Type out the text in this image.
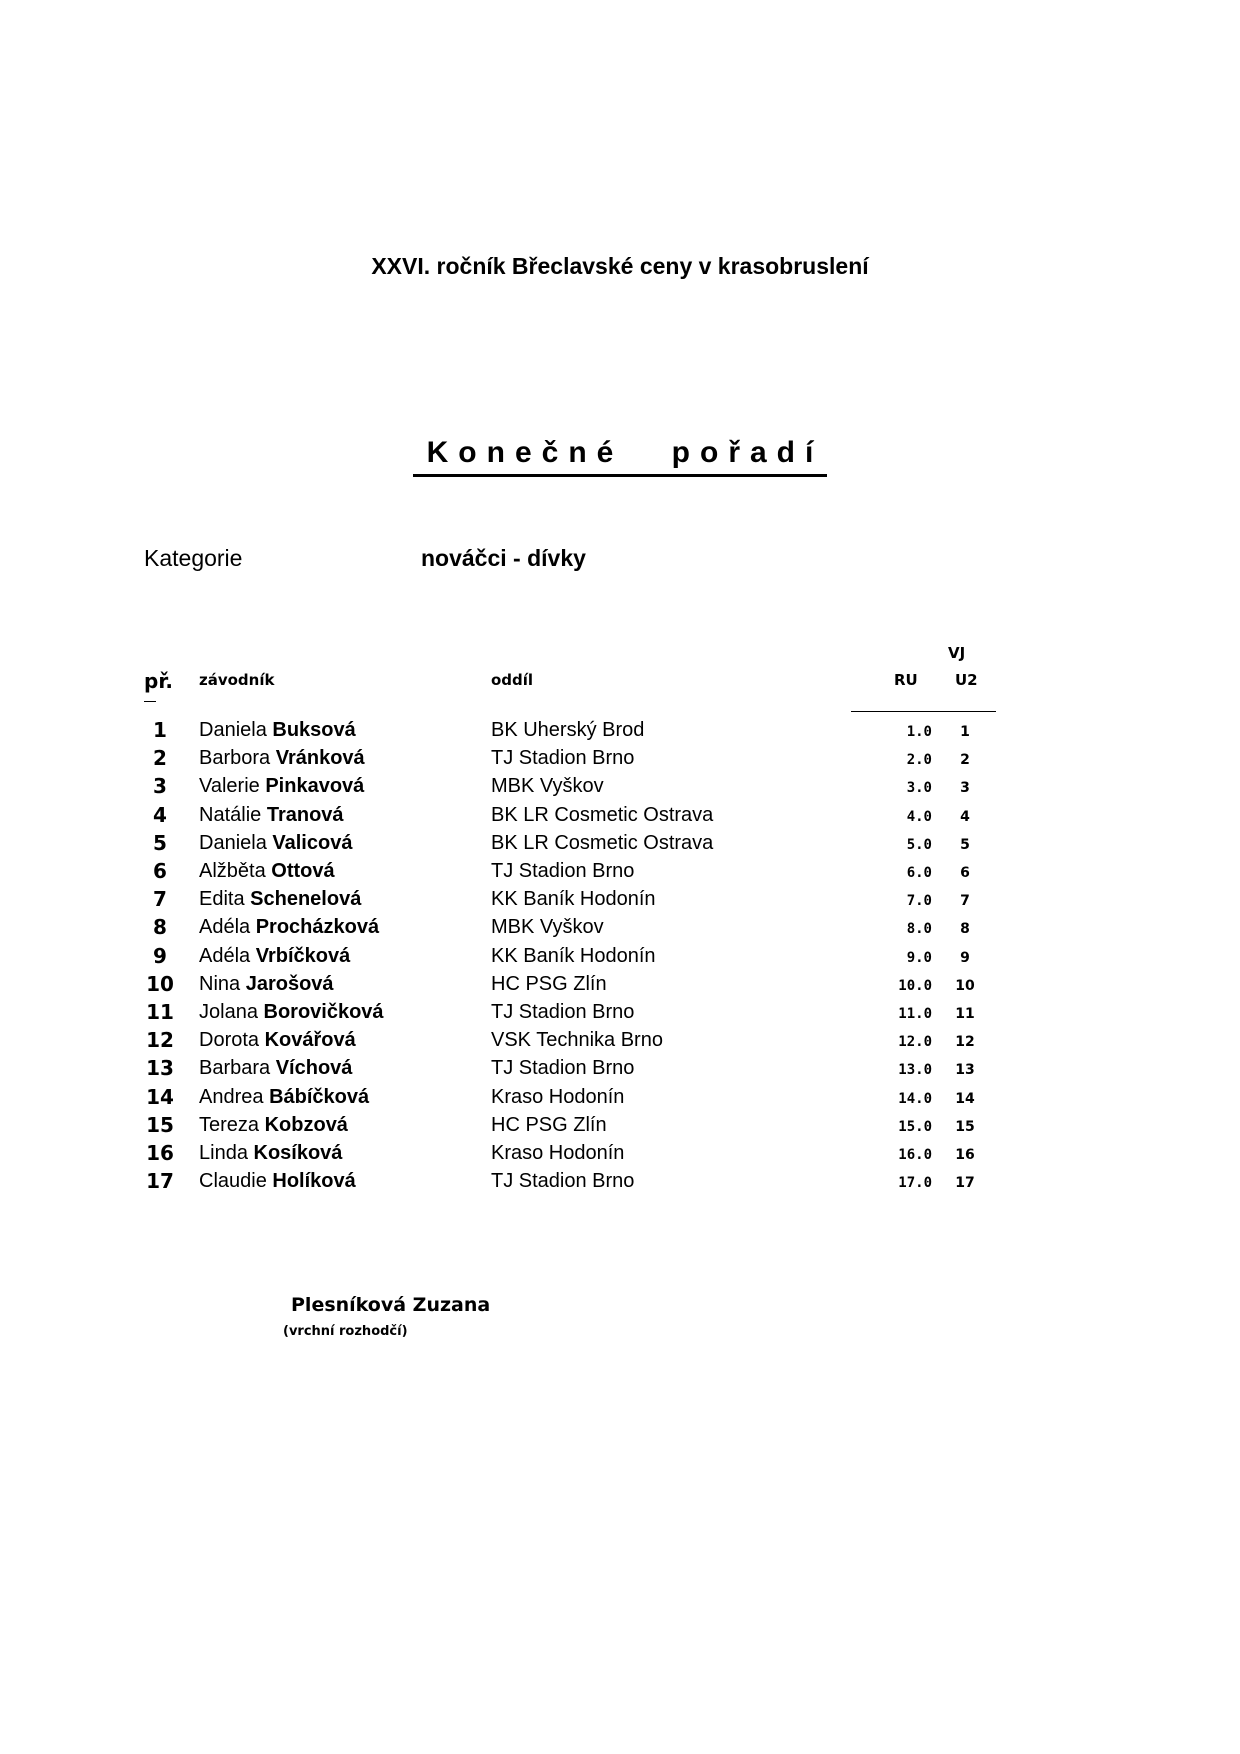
XXVI. ročník Břeclavské ceny v krasobruslení
Konečné pořadí
Kategorie	nováčci - dívky
př. závodník	oddíl
VJ
RU U2
1	Daniela Buksová	BK Uherský Brod	1.0	1
2	Barbora Vránková	TJ Stadion Brno	2.0	2
3	Valerie Pinkavová	MBK Vyškov	3.0	3
4	Natálie Tranová	BK LR Cosmetic Ostrava	4.0	4
5	Daniela Valicová	BK LR Cosmetic Ostrava	5.0	5
6	Alžběta Ottová	TJ Stadion Brno	6.0	6
7	Edita Schenelová	KK Baník Hodonín	7.0	7
8	Adéla Procházková	MBK Vyškov	8.0	8
9	Adéla Vrbíčková	KK Baník Hodonín	9.0	9
10	Nina Jarošová	HC PSG Zlín	10.0	10
11	Jolana Borovičková	TJ Stadion Brno	11.0	11
12	Dorota Kovářová	VSK Technika Brno	12.0	12
13	Barbara Víchová	TJ Stadion Brno	13.0	13
14	Andrea Bábíčková	Kraso Hodonín	14.0	14
15	Tereza Kobzová	HC PSG Zlín	15.0	15
16	Linda Kosíková	Kraso Hodonín	16.0	16
17	Claudie Holíková	TJ Stadion Brno	17.0	17
Plesníková Zuzana
(vrchní rozhodčí)
